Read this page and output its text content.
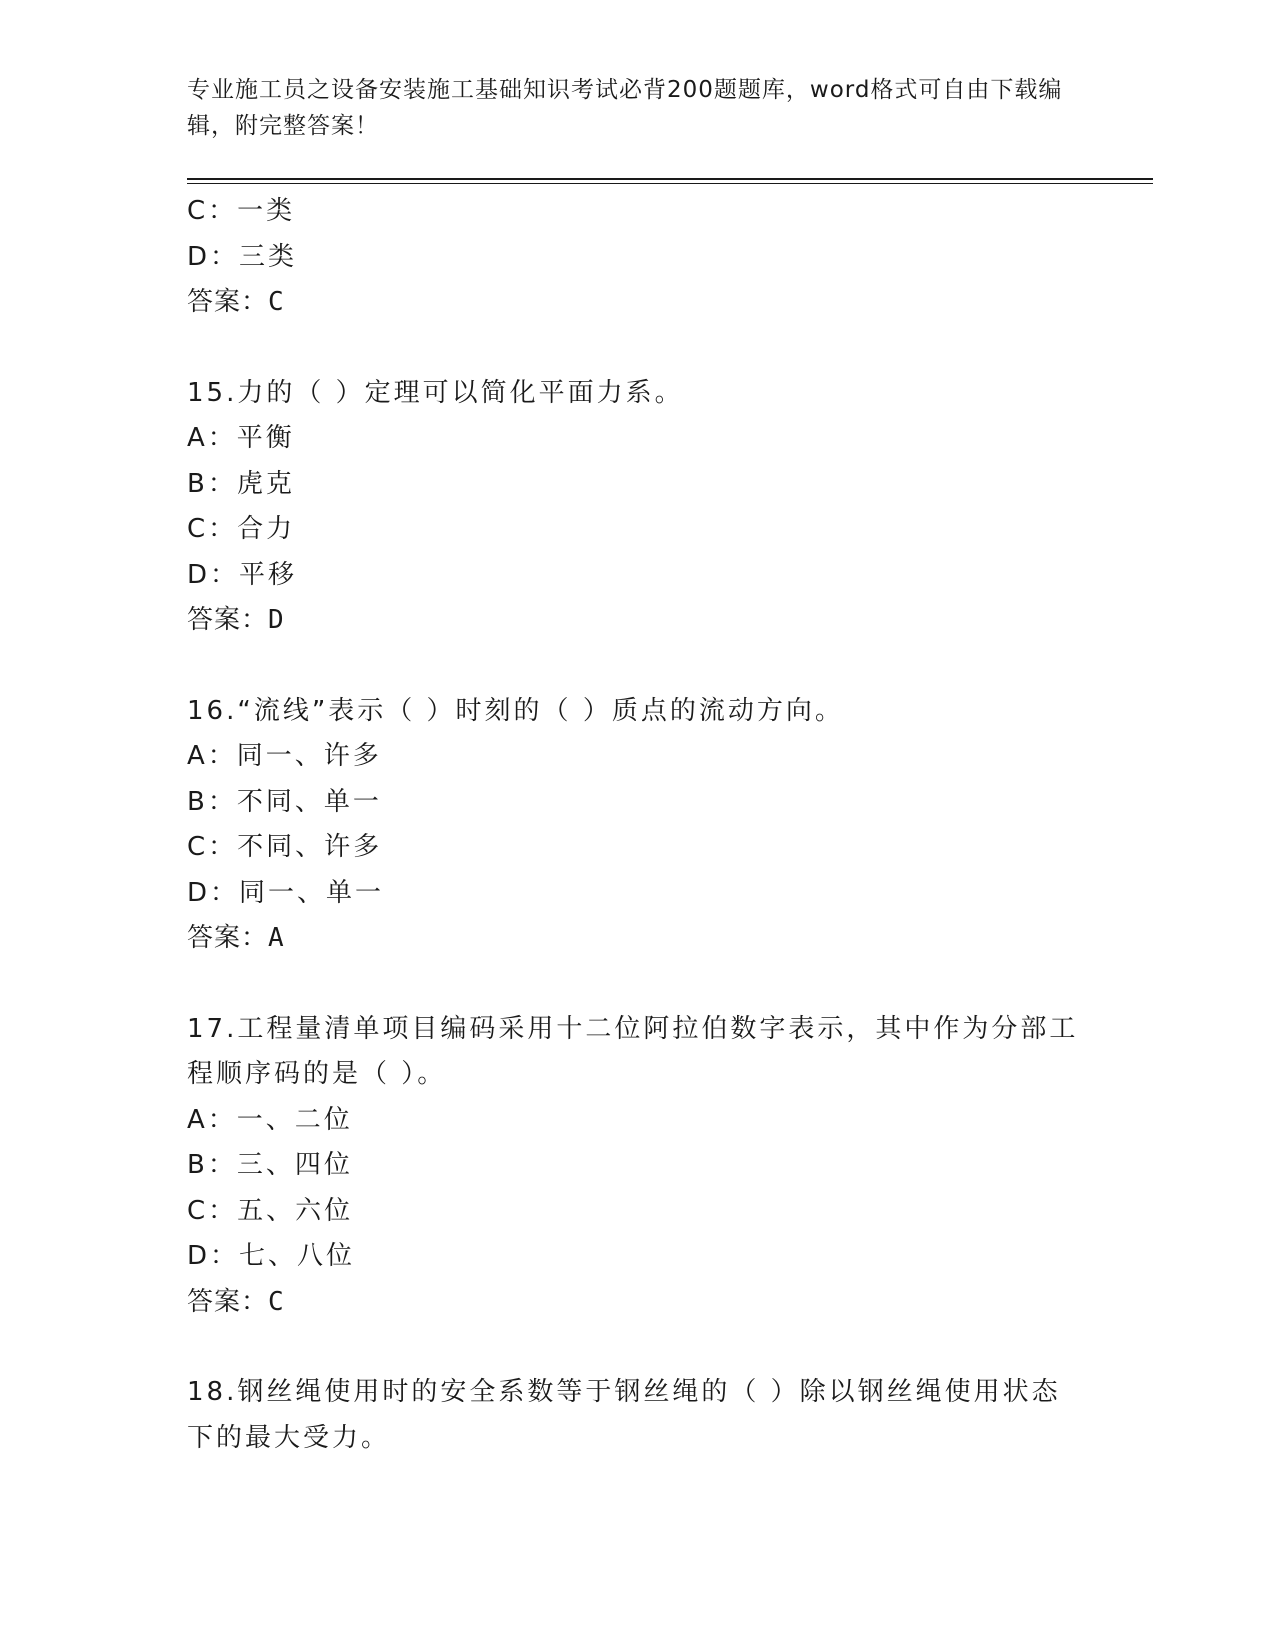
专业施工员之设备安装施工基础知识考试必背200题题库，word格式可自由下载编辑，附完整答案！
C：一类
D：三类
答案：C
15.力的（ ）定理可以简化平面力系。
A：平衡
B：虎克
C：合力
D：平移
答案：D
16.“流线”表示（ ）时刻的（ ）质点的流动方向。
A：同一、许多
B：不同、单一
C：不同、许多
D：同一、单一
答案：A
17.工程量清单项目编码采用十二位阿拉伯数字表示，其中作为分部工程顺序码的是（ ）。
A：一、二位
B：三、四位
C：五、六位
D：七、八位
答案：C
18.钢丝绳使用时的安全系数等于钢丝绳的（ ）除以钢丝绳使用状态下的最大受力。
